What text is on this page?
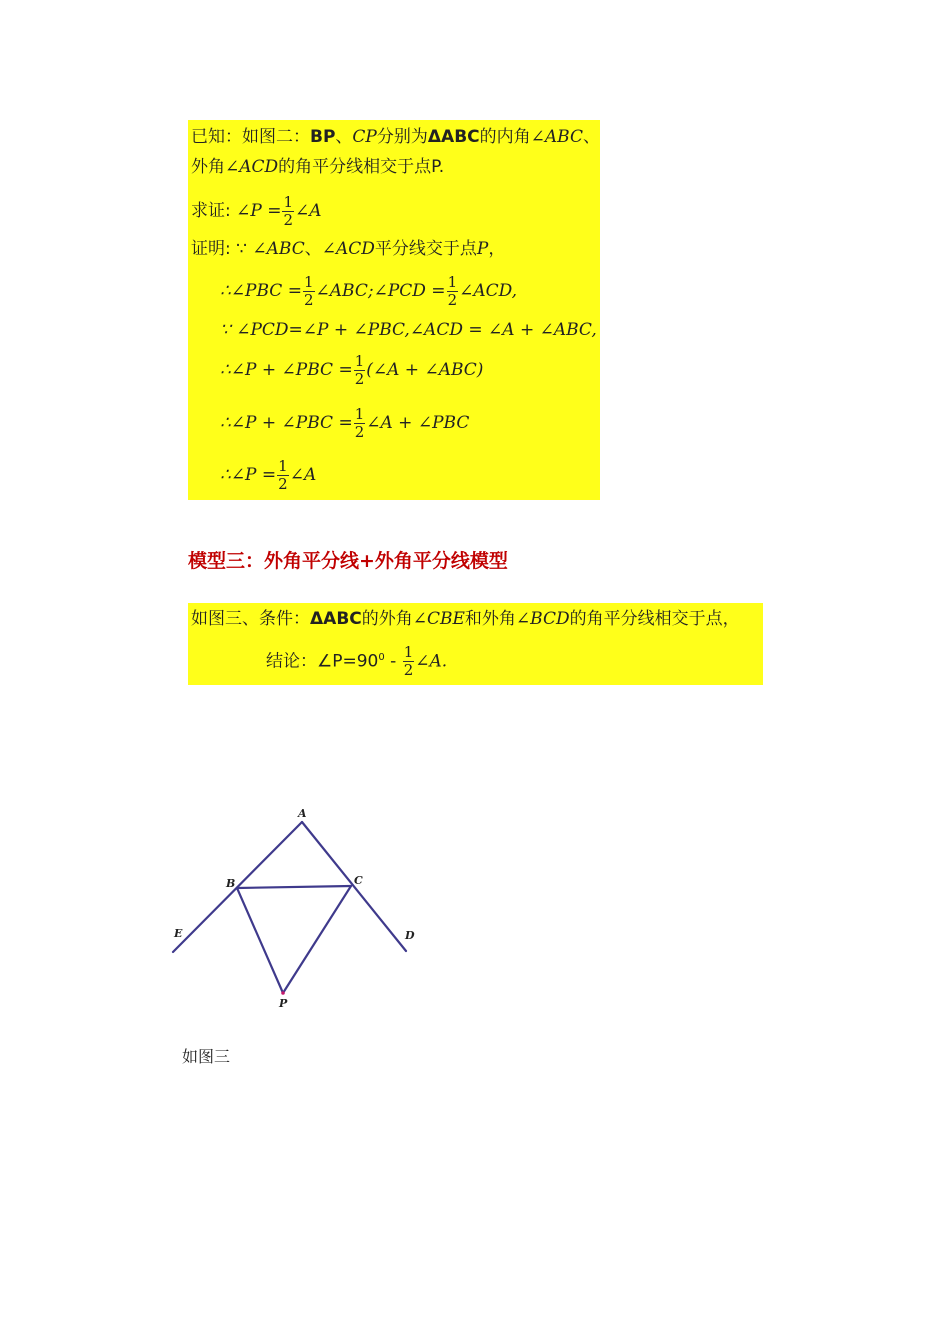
已知：如图二：BP、CP分别为ΔABC的内角∠ABC、
外角∠ACD的角平分线相交于点P.
求证: ∠P = $\frac{1}{2}$ ∠A
证明: ∵ ∠ABC、∠ACD平分线交于点P，
∴∠PBC = $\frac{1}{2}$ ∠ABC;∠PCD = $\frac{1}{2}$ ∠ACD,
∵ ∠PCD=∠P + ∠PBC,∠ACD = ∠A + ∠ABC,
∴∠P + ∠PBC = $\frac{1}{2}$ (∠A + ∠ABC)
∴∠P + ∠PBC = $\frac{1}{2}$ ∠A + ∠PBC
∴∠P = $\frac{1}{2}$ ∠A
模型三：外角平分线+外角平分线模型
如图三、条件：ΔABC的外角∠CBE和外角∠BCD的角平分线相交于点，
结论：$\angle P=90^0 - \frac{1}{2}$ ∠A.
A
B	C
D
E
P
如图三
